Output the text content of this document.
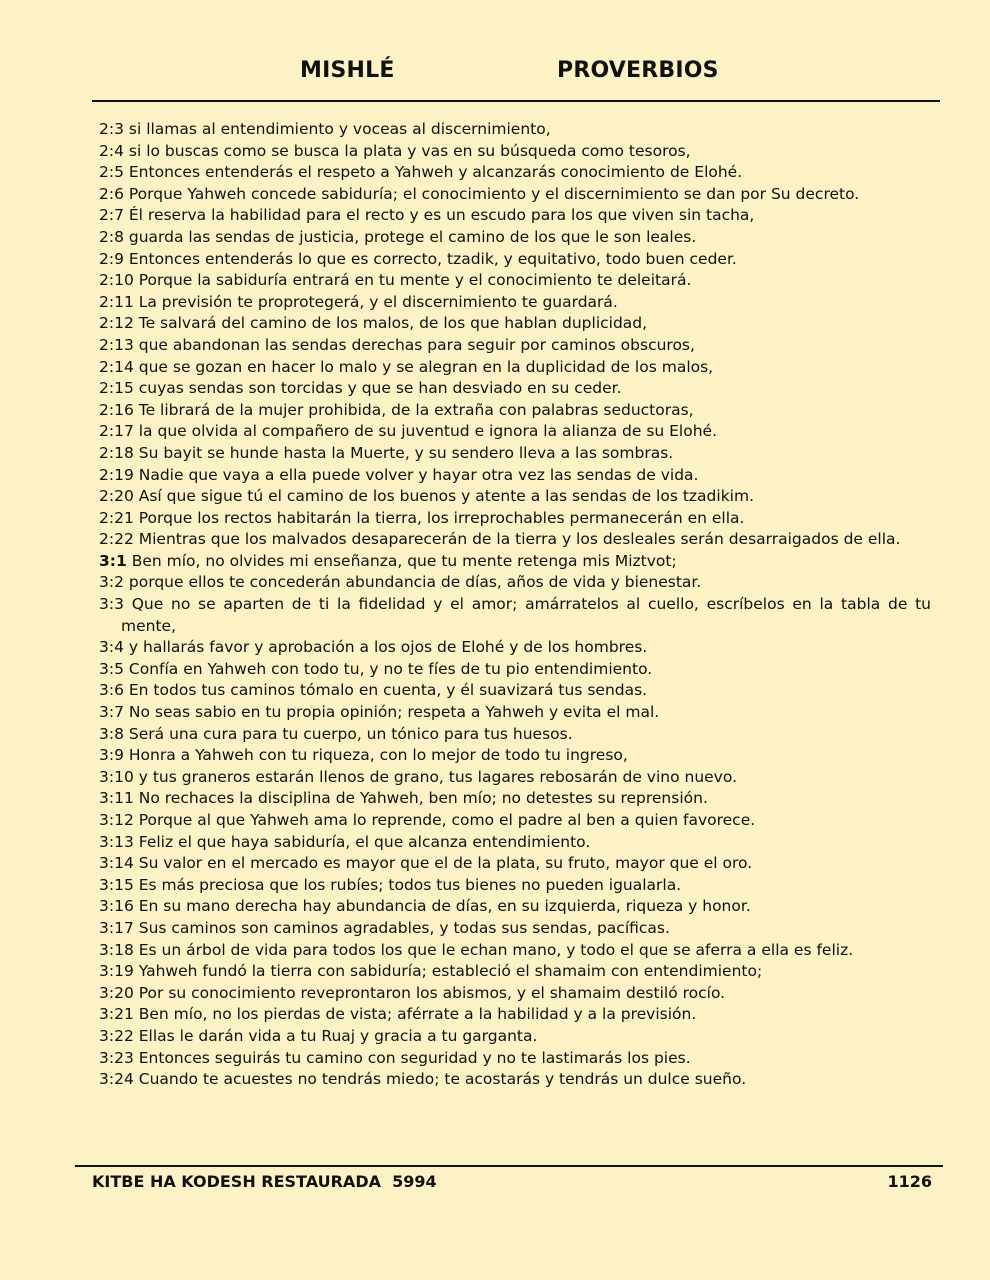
MISHLÉ	PROVERBIOS
2:3 si llamas al entendimiento y voceas al discernimiento,
2:4 si lo buscas como se busca la plata y vas en su búsqueda como tesoros,
2:5 Entonces entenderás el respeto a Yahweh y alcanzarás conocimiento de Elohé.
2:6 Porque Yahweh concede sabiduría; el conocimiento y el discernimiento se dan por Su decreto.
2:7 Él reserva la habilidad para el recto y es un escudo para los que viven sin tacha,
2:8 guarda las sendas de justicia, protege el camino de los que le son leales.
2:9 Entonces entenderás lo que es correcto, tzadik, y equitativo, todo buen ceder.
2:10 Porque la sabiduría entrará en tu mente y el conocimiento te deleitará.
2:11 La previsión te proprotegerá, y el discernimiento te guardará.
2:12 Te salvará del camino de los malos, de los que hablan duplicidad,
2:13 que abandonan las sendas derechas para seguir por caminos obscuros,
2:14 que se gozan en hacer lo malo y se alegran en la duplicidad de los malos,
2:15 cuyas sendas son torcidas y que se han desviado en su ceder.
2:16 Te librará de la mujer prohibida, de la extraña con palabras seductoras,
2:17 la que olvida al compañero de su juventud e ignora la alianza de su Elohé.
2:18 Su bayit se hunde hasta la Muerte, y su sendero lleva a las sombras.
2:19 Nadie que vaya a ella puede volver y hayar otra vez las sendas de vida.
2:20 Así que sigue tú el camino de los buenos y atente a las sendas de los tzadikim.
2:21 Porque los rectos habitarán la tierra, los irreprochables permanecerán en ella.
2:22 Mientras que los malvados desaparecerán de la tierra y los desleales serán desarraigados de ella.
3:1 Ben mío, no olvides mi enseñanza, que tu mente retenga mis Miztvot;
3:2 porque ellos te concederán abundancia de días, años de vida y bienestar.
3:3 Que no se aparten de ti la fidelidad y el amor; amárratelos al cuello, escríbelos en la tabla de tu mente,
3:4 y hallarás favor y aprobación a los ojos de Elohé y de los hombres.
3:5 Confía en Yahweh con todo tu, y no te fíes de tu pio entendimiento.
3:6 En todos tus caminos tómalo en cuenta, y él suavizará tus sendas.
3:7 No seas sabio en tu propia opinión; respeta a Yahweh y evita el mal.
3:8 Será una cura para tu cuerpo, un tónico para tus huesos.
3:9 Honra a Yahweh con tu riqueza, con lo mejor de todo tu ingreso,
3:10 y tus graneros estarán llenos de grano, tus lagares rebosarán de vino nuevo.
3:11 No rechaces la disciplina de Yahweh, ben mío; no detestes su reprensión.
3:12 Porque al que Yahweh ama lo reprende, como el padre al ben a quien favorece.
3:13 Feliz el que haya sabiduría, el que alcanza entendimiento.
3:14 Su valor en el mercado es mayor que el de la plata, su fruto, mayor que el oro.
3:15 Es más preciosa que los rubíes; todos tus bienes no pueden igualarla.
3:16 En su mano derecha hay abundancia de días, en su izquierda, riqueza y honor.
3:17 Sus caminos son caminos agradables, y todas sus sendas, pacíficas.
3:18 Es un árbol de vida para todos los que le echan mano, y todo el que se aferra a ella es feliz.
3:19 Yahweh fundó la tierra con sabiduría; estableció el shamaim con entendimiento;
3:20 Por su conocimiento reveprontaron los abismos, y el shamaim destiló rocío.
3:21 Ben mío, no los pierdas de vista; aférrate a la habilidad y a la previsión.
3:22 Ellas le darán vida a tu Ruaj y gracia a tu garganta.
3:23 Entonces seguirás tu camino con seguridad y no te lastimarás los pies.
3:24 Cuando te acuestes no tendrás miedo; te acostarás y tendrás un dulce sueño.
KITBE HA KODESH RESTAURADA  5994	1126
